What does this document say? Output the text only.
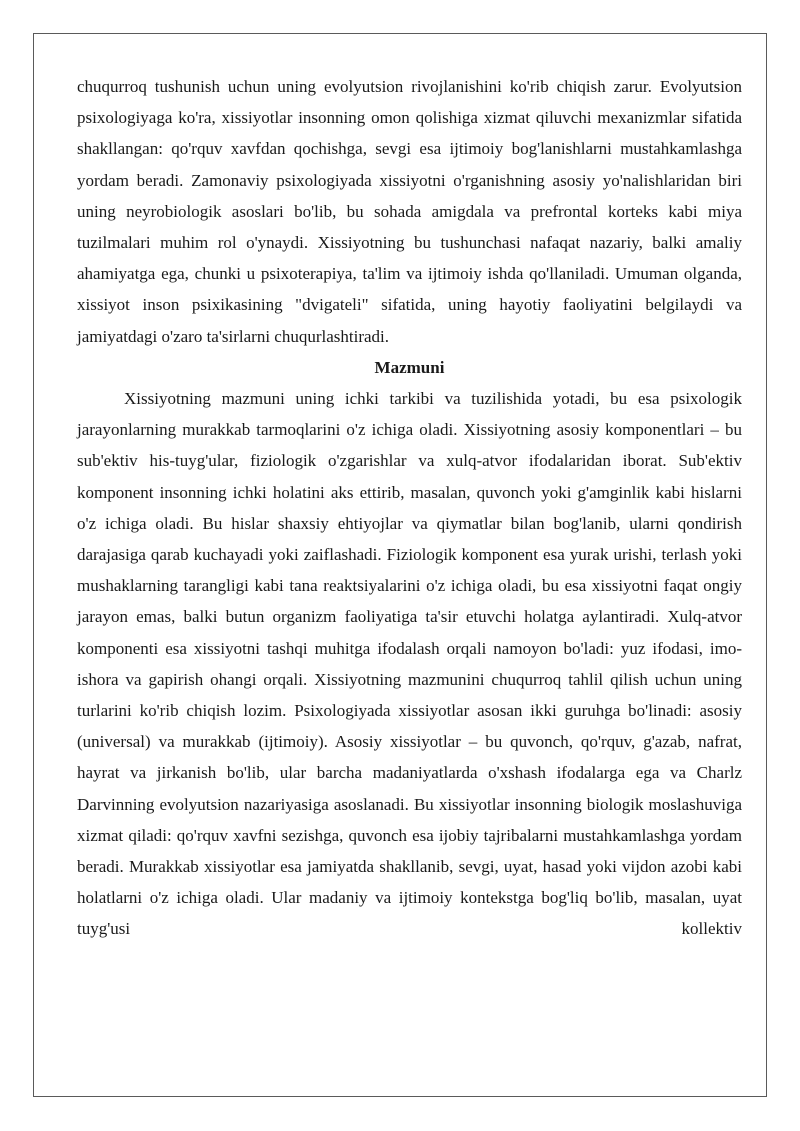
chuqurroq tushunish uchun uning evolyutsion rivojlanishini ko'rib chiqish zarur. Evolyutsion psixologiyaga ko'ra, xissiyotlar insonning omon qolishiga xizmat qiluvchi mexanizmlar sifatida shakllangan: qo'rquv xavfdan qochishga, sevgi esa ijtimoiy bog'lanishlarni mustahkamlashga yordam beradi. Zamonaviy psixologiyada xissiyotni o'rganishning asosiy yo'nalishlaridan biri uning neyrobiologik asoslari bo'lib, bu sohada amigdala va prefrontal korteks kabi miya tuzilmalari muhim rol o'ynaydi. Xissiyotning bu tushunchasi nafaqat nazariy, balki amaliy ahamiyatga ega, chunki u psixoterapiya, ta'lim va ijtimoiy ishda qo'llaniladi. Umuman olganda, xissiyot inson psixikasining "dvigateli" sifatida, uning hayotiy faoliyatini belgilaydi va jamiyatdagi o'zaro ta'sirlarni chuqurlashtiradi.

Mazmuni

Xissiyotning mazmuni uning ichki tarkibi va tuzilishida yotadi, bu esa psixologik jarayonlarning murakkab tarmoqlarini o'z ichiga oladi. Xissiyotning asosiy komponentlari – bu sub'ektiv his-tuyg'ular, fiziologik o'zgarishlar va xulq-atvor ifodalaridan iborat. Sub'ektiv komponent insonning ichki holatini aks ettirib, masalan, quvonch yoki g'amginlik kabi hislarni o'z ichiga oladi. Bu hislar shaxsiy ehtiyojlar va qiymatlar bilan bog'lanib, ularni qondirish darajasiga qarab kuchayadi yoki zaiflashadi. Fiziologik komponent esa yurak urishi, terlash yoki mushaklarning tarangligi kabi tana reaktsiyalarini o'z ichiga oladi, bu esa xissiyotni faqat ongiy jarayon emas, balki butun organizm faoliyatiga ta'sir etuvchi holatga aylantiradi. Xulq-atvor komponenti esa xissiyotni tashqi muhitga ifodalash orqali namoyon bo'ladi: yuz ifodasi, imo-ishora va gapirish ohangi orqali. Xissiyotning mazmunini chuqurroq tahlil qilish uchun uning turlarini ko'rib chiqish lozim. Psixologiyada xissiyotlar asosan ikki guruhga bo'linadi: asosiy (universal) va murakkab (ijtimoiy). Asosiy xissiyotlar – bu quvonch, qo'rquv, g'azab, nafrat, hayrat va jirkanish bo'lib, ular barcha madaniyatlarda o'xshash ifodalarga ega va Charlz Darvinning evolyutsion nazariyasiga asoslanadi. Bu xissiyotlar insonning biologik moslashuviga xizmat qiladi: qo'rquv xavfni sezishga, quvonch esa ijobiy tajribalarni mustahkamlashga yordam beradi. Murakkab xissiyotlar esa jamiyatda shakllanib, sevgi, uyat, hasad yoki vijdon azobi kabi holatlarni o'z ichiga oladi. Ular madaniy va ijtimoiy kontekstga bog'liq bo'lib, masalan, uyat tuyg'usi kollektiv
